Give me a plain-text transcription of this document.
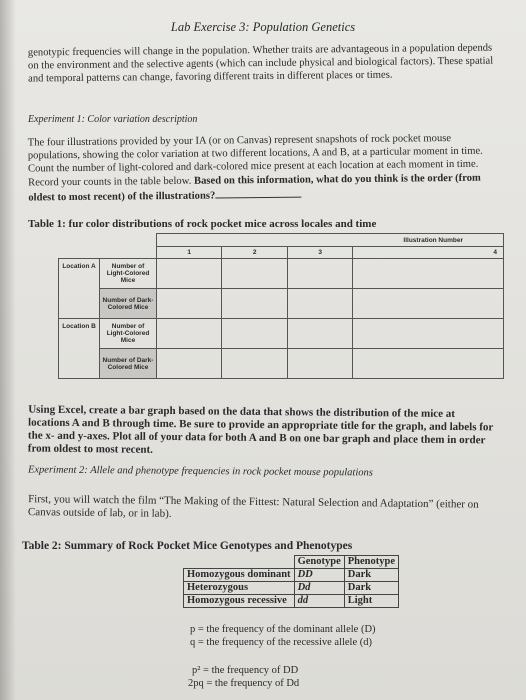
Lab Exercise 3: Population Genetics

genotypic frequencies will change in the population. Whether traits are advantageous in a population depends on the environment and the selective agents (which can include physical and biological factors). These spatial and temporal patterns can change, favoring different traits in different places or times.

Experiment 1: Color variation description

The four illustrations provided by your IA (or on Canvas) represent snapshots of rock pocket mouse populations, showing the color variation at two different locations, A and B, at a particular moment in time. Count the number of light-colored and dark-colored mice present at each location at each moment in time. Record your counts in the table below. Based on this information, what do you think is the order (from oldest to most recent) of the illustrations?

Table 1: fur color distributions of rock pocket mice across locales and time
		Illustration Number			
		1	2	3	4
Location A	Number of Light-Colored Mice				
	Number of Dark-Colored Mice				
Location B	Number of Light-Colored Mice				
	Number of Dark-Colored Mice				

Using Excel, create a bar graph based on the data that shows the distribution of the mice at locations A and B through time. Be sure to provide an appropriate title for the graph, and labels for the x- and y-axes. Plot all of your data for both A and B on one bar graph and place them in order from oldest to most recent.

Experiment 2: Allele and phenotype frequencies in rock pocket mouse populations

First, you will watch the film “The Making of the Fittest: Natural Selection and Adaptation” (either on Canvas outside of lab, or in lab).

Table 2: Summary of Rock Pocket Mice Genotypes and Phenotypes
	Genotype	Phenotype
Homozygous dominant	DD	Dark
Heterozygous	Dd	Dark
Homozygous recessive	dd	Light
p = the frequency of the dominant allele (D)
q = the frequency of the recessive allele (d)
p² = the frequency of DD
2pq = the frequency of Dd
